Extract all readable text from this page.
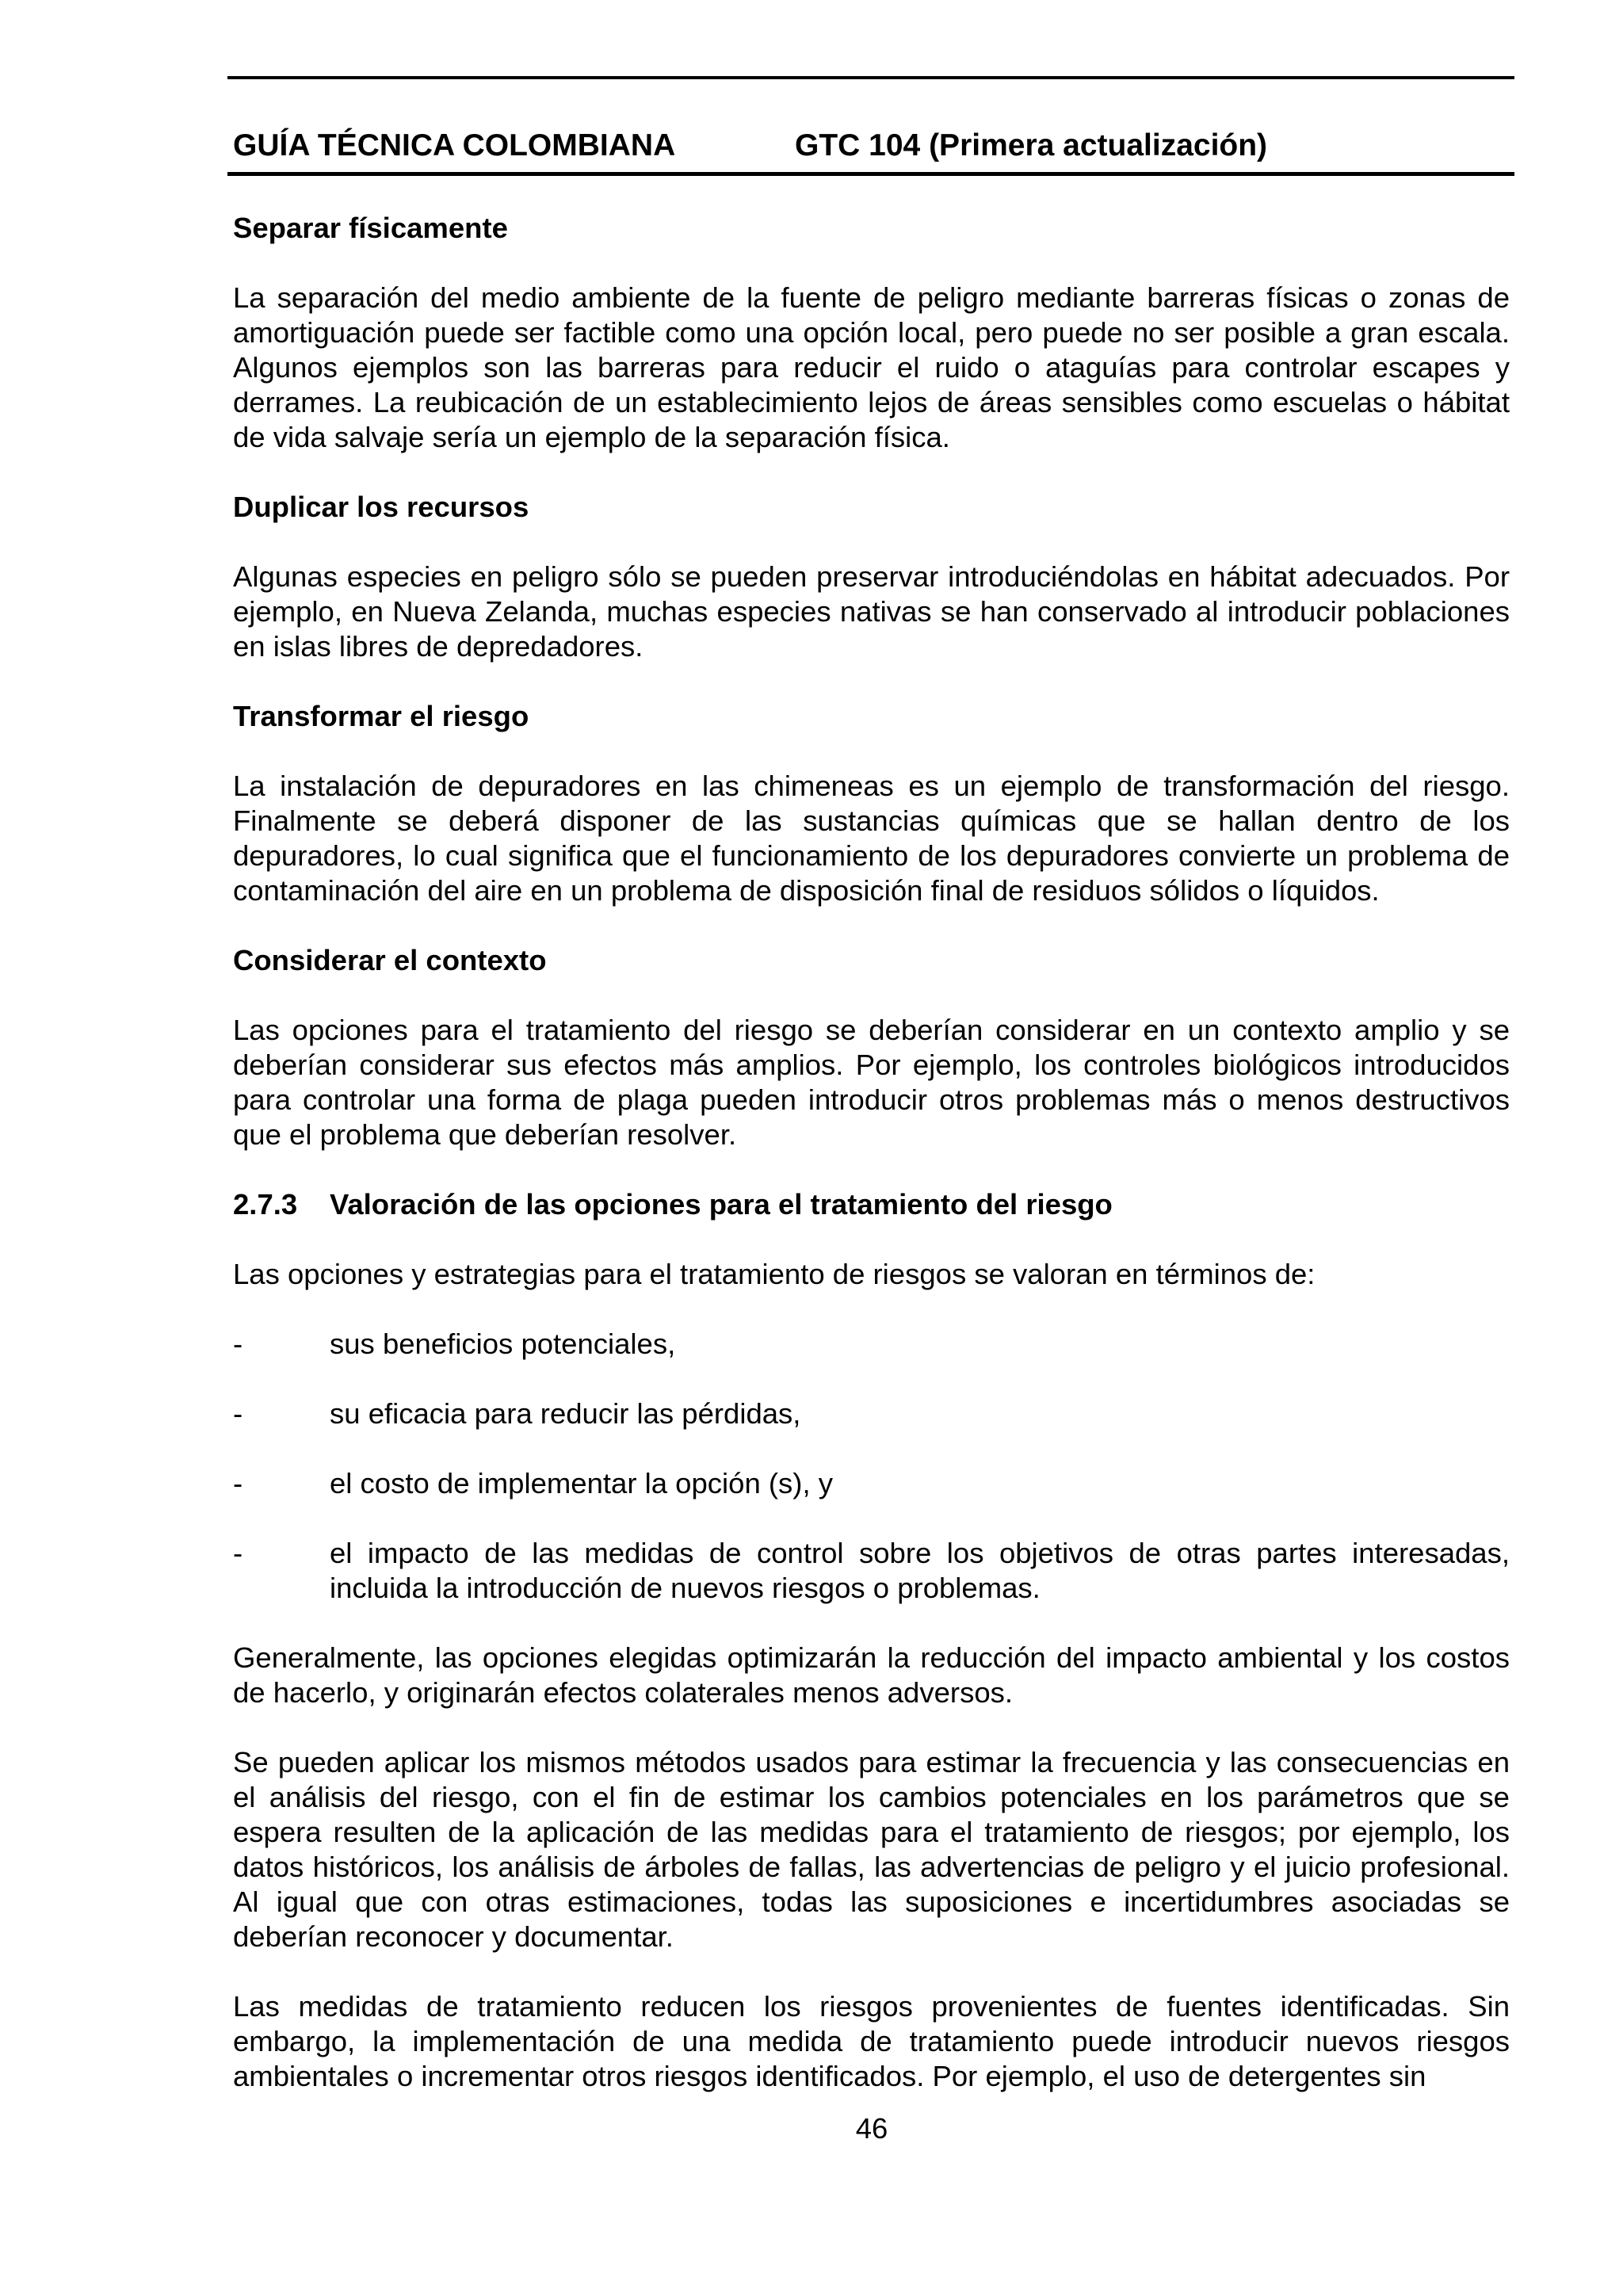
GUÍA TÉCNICA COLOMBIANA	GTC 104 (Primera actualización)
Separar físicamente

La separación del medio ambiente de la fuente de peligro mediante barreras físicas o zonas de amortiguación puede ser factible como una opción local, pero puede no ser posible a gran escala. Algunos ejemplos son las barreras para reducir el ruido o ataguías para controlar escapes y derrames. La reubicación de un establecimiento lejos de áreas sensibles como escuelas o hábitat de vida salvaje sería un ejemplo de la separación física.

Duplicar los recursos

Algunas especies en peligro sólo se pueden preservar introduciéndolas en hábitat adecuados. Por ejemplo, en Nueva Zelanda, muchas especies nativas se han conservado al introducir poblaciones en islas libres de depredadores.

Transformar el riesgo

La instalación de depuradores en las chimeneas es un ejemplo de transformación del riesgo. Finalmente se deberá disponer de las sustancias químicas que se hallan dentro de los depuradores, lo cual significa que el funcionamiento de los depuradores convierte un problema de contaminación del aire en un problema de disposición final de residuos sólidos o líquidos.

Considerar el contexto

Las opciones para el tratamiento del riesgo se deberían considerar en un contexto amplio y se deberían considerar sus efectos más amplios. Por ejemplo, los controles biológicos introducidos para controlar una forma de plaga pueden introducir otros problemas más o menos destructivos que el problema que deberían resolver.

2.7.3 Valoración de las opciones para el tratamiento del riesgo

Las opciones y estrategias para el tratamiento de riesgos se valoran en términos de:

-	sus beneficios potenciales,
-	su eficacia para reducir las pérdidas,
-	el costo de implementar la opción (s), y
-	el impacto de las medidas de control sobre los objetivos de otras partes interesadas, incluida la introducción de nuevos riesgos o problemas.

Generalmente, las opciones elegidas optimizarán la reducción del impacto ambiental y los costos de hacerlo, y originarán efectos colaterales menos adversos.

Se pueden aplicar los mismos métodos usados para estimar la frecuencia y las consecuencias en el análisis del riesgo, con el fin de estimar los cambios potenciales en los parámetros que se espera resulten de la aplicación de las medidas para el tratamiento de riesgos; por ejemplo, los datos históricos, los análisis de árboles de fallas, las advertencias de peligro y el juicio profesional. Al igual que con otras estimaciones, todas las suposiciones e incertidumbres asociadas se deberían reconocer y documentar.

Las medidas de tratamiento reducen los riesgos provenientes de fuentes identificadas. Sin embargo, la implementación de una medida de tratamiento puede introducir nuevos riesgos ambientales o incrementar otros riesgos identificados. Por ejemplo, el uso de detergentes sin

46
